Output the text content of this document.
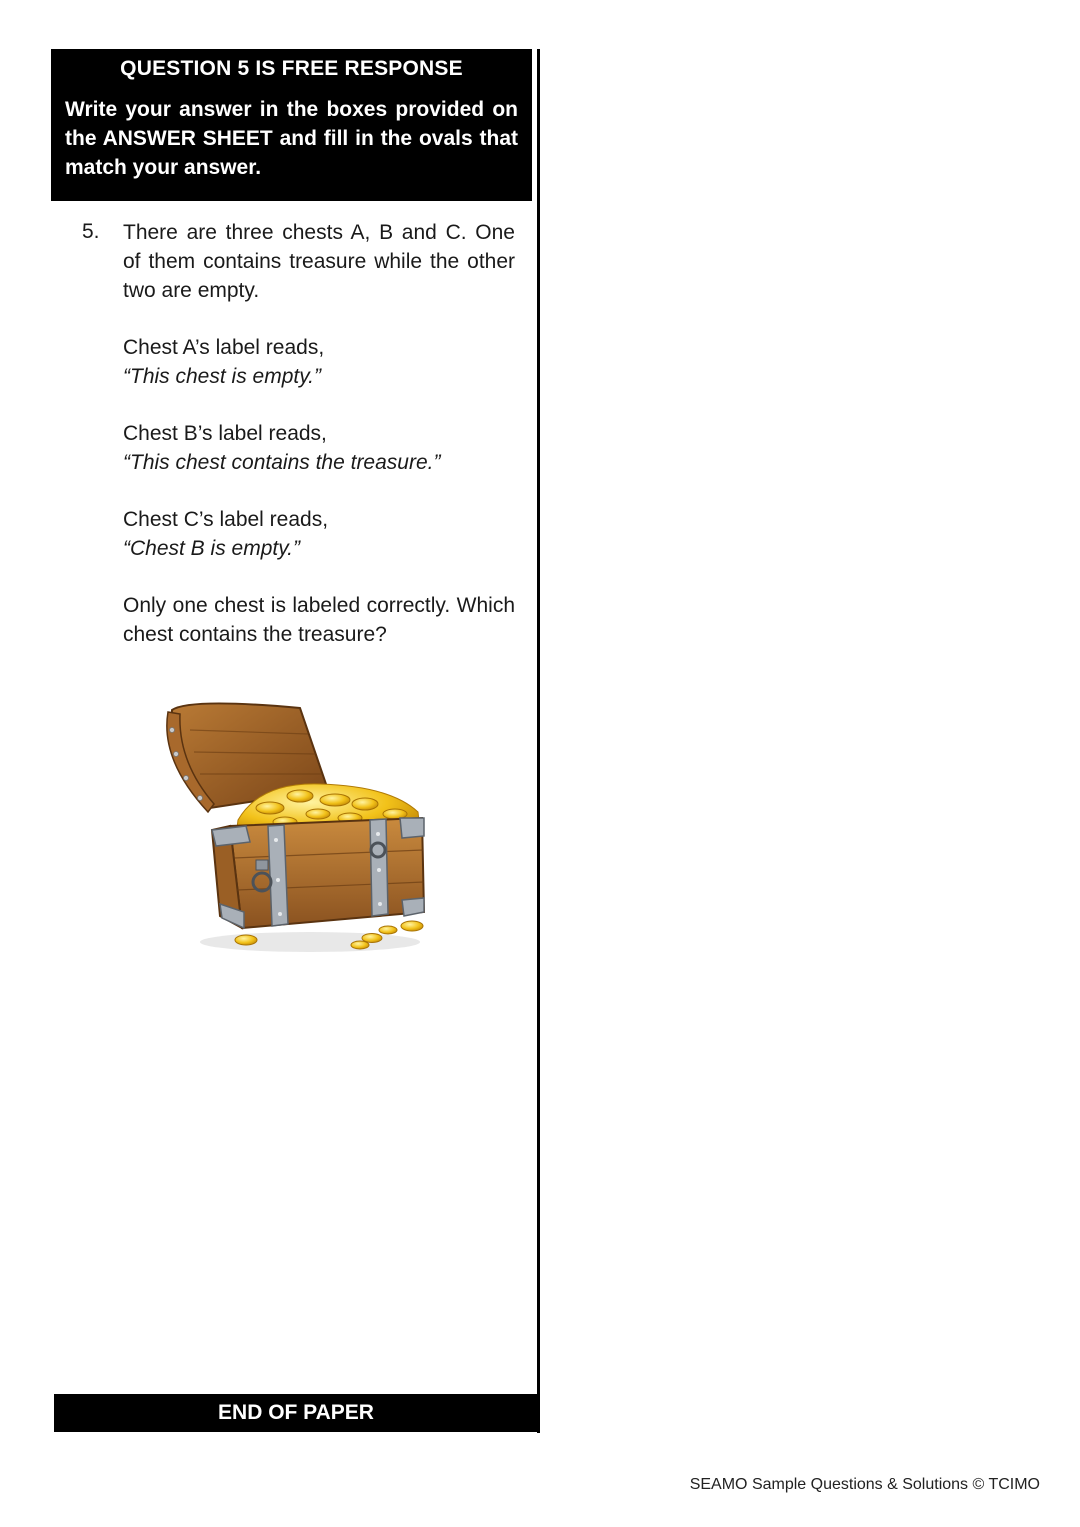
QUESTION 5 IS FREE RESPONSE
Write your answer in the boxes provided on the ANSWER SHEET and fill in the ovals that match your answer.
5. There are three chests A, B and C. One of them contains treasure while the other two are empty.

Chest A’s label reads,
“This chest is empty.”

Chest B’s label reads,
“This chest contains the treasure.”

Chest C’s label reads,
“Chest B is empty.”

Only one chest is labeled correctly. Which chest contains the treasure?

END OF PAPER
SEAMO Sample Questions & Solutions © TCIMO
